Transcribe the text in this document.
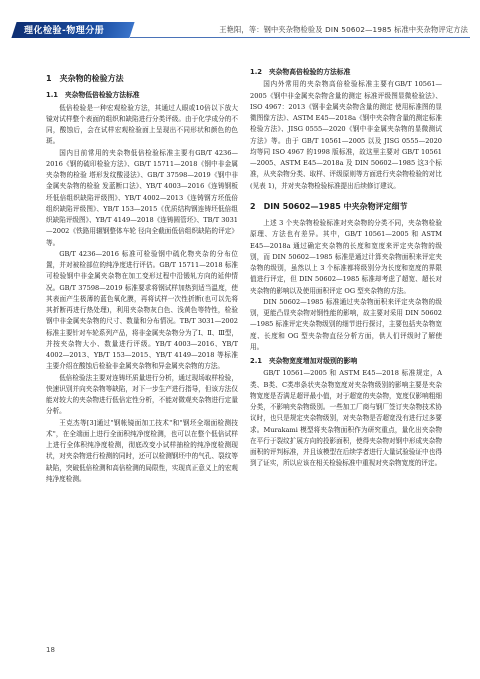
理化检验-物理分册	王艳阳，等：钢中夹杂物检验及 DIN 50602—1985 标准中夹杂物评定方法
1　夹杂物的检验方法
1.1　夹杂物低倍检验方法标准

低倍检验是一种宏观检验方法，其通过人眼或10倍以下放大镜对试样整个表面的组织和缺陷进行分类评级。由于化学成分的不同，酸蚀后，会在试样宏观检验面上呈现出不同形状和颜色的色斑。

国内目前常用的夹杂物低倍检验标准主要有GB/T 4236—2016《钢的硫印检验方法》、GB/T 15711—2018《钢中非金属夹杂物的检验 塔形发纹酸浸法》、GB/T 37598—2019《钢中非金属夹杂物的检验 发蓝断口法》、YB/T 4003—2016《连铸钢板坯低倍组织缺陷评级图》、YB/T 4002—2013《连铸钢方坯低倍组织缺陷评级图》、YB/T 153—2015《优质结构钢连铸坯低倍组织缺陷评级图》、YB/T 4149—2018《连铸圆管坯》、TB/T 3031—2002《铁路用辗钢整体车轮 径向全截面低倍组织缺陷的评定》等。

GB/T 4236—2016 标准可检验钢中硫化物夹杂的分布位置，并对被检部位的纯净度进行评估。GB/T 15711—2018 标准可检验钢中非金属夹杂物在加工变形过程中沿锻轧方向的延伸情况。GB/T 37598—2019 标准要求将钢试样加热到适当温度，使其表面产生极薄的蓝色氧化膜，再将试样一次性折断(也可以先将其折断再进行热处理)，利用夹杂物灰白色、浅黄色等特性，检验钢中非金属夹杂物的尺寸、数量和分布情况。TB/T 3031—2002 标准主要针对车轮系列产品，将非金属夹杂物分为了Ⅰ、Ⅱ、Ⅲ型，并按夹杂物大小、数量进行评级。YB/T 4003—2016、YB/T 4002—2013、YB/T 153—2015、YB/T 4149—2018 等标准主要介绍在酸蚀后检验非金属夹杂物和异金属夹杂物的方法。

低倍检验法主要对连铸坯质量进行分析，通过现场取样检验，快速识别并向夹杂物等缺陷，对下一步生产进行指导，但该方法仅能对较大的夹杂物进行低倍定性分析，不能对微观夹杂物进行定量分析。

王克杰等[3]通过"钢帐镜面加工技术"和"钢坯全端面检测技术"，在全端面上进行全面积纯净度检测，也可以在整个低倍试样上进行全体积纯净度检测，彻底改变小试样抽检的纯净度检测现状，对夹杂物进行检测的同时，还可以检测钢坯中的气孔、裂纹等缺陷，突破低倍检测和高倍检测的局限性，实现真正意义上的宏观纯净度检测。

1.2　夹杂物高倍检验的方法标准

国内外常用的夹杂物高倍检验标准主要有GB/T 10561—2005《钢中非金属夹杂物含量的测定 标准评级图显微检验法》、ISO 4967：2013《钢非金属夹杂物含量的测定 使用标准图的显微图像方法》、ASTM E45—2018a《钢中夹杂物含量的测定标准检验方法》、JISG 0555—2020《钢中非金属夹杂物的显微测试方法》等。由于 GB/T 10561—2005 以及 JISG 0555—2020 均等同 ISO 4967 的1998 版标准，故这里主要对 GB/T 10561—2005、ASTM E45—2018a 及 DIN 50602—1985 这3个标准，从夹杂物分类、取样、评级原则等方面进行夹杂物检验的对比(见表 1)，并对夹杂物检验标准提出后续修订建议。

2　DIN 50602—1985 中夹杂物评定细节

上述 3 个夹杂物检验标准对夹杂物的分类不同，夹杂物检验原理、方法也有差异。其中，GB/T 10561—2005 和 ASTM E45—2018a 通过确定夹杂物的长度和宽度来评定夹杂物的级别，而 DIN 50602—1985 标准是通过计算夹杂物面积来评定夹杂物的级别，虽然以上 3 个标准都将级别分为长度和宽度的界限值进行评定，但 DIN 50602—1985 标准却考虑了超宽、超长对夹杂物的影响以及使用面积评定 OG 型夹杂物的方法。

DIN 50602—1985 标准通过夹杂物面积来评定夹杂物的级别，更能凸显夹杂物对钢性能的影响，故主要对采用 DIN 50602—1985 标准评定夹杂物级别的细节进行探讨，主要包括夹杂物宽度、长度和 OG 型夹杂物直径分析方面，供人们评级时了解使用。

2.1　夹杂物宽度增加对级别的影响

GB/T 10561—2005 和 ASTM E45—2018 标准规定，A类、B类、C类串条状夹杂物宽度对夹杂物级别的影响主要是夹杂物宽度是否满足超评最小值，对于超宽的夹杂物，宽度仅影响粗细分类，不影响夹杂物级别。一些加工厂商与钢厂签订夹杂物技术协议时，也只是规定夹杂物级别，对夹杂物是否超宽没有进行过多要求。Murakami 模型将夹杂物面积作为研究重点，量化出夹杂物在平行于裂纹扩展方向的投影面积，使得夹杂物对钢中形成夹杂物面积的评判标准，并且该模型在后续学者进行大量试验验证中也得到了证实，所以应该在相关检验标准中重视对夹杂物宽度的评定。

18
